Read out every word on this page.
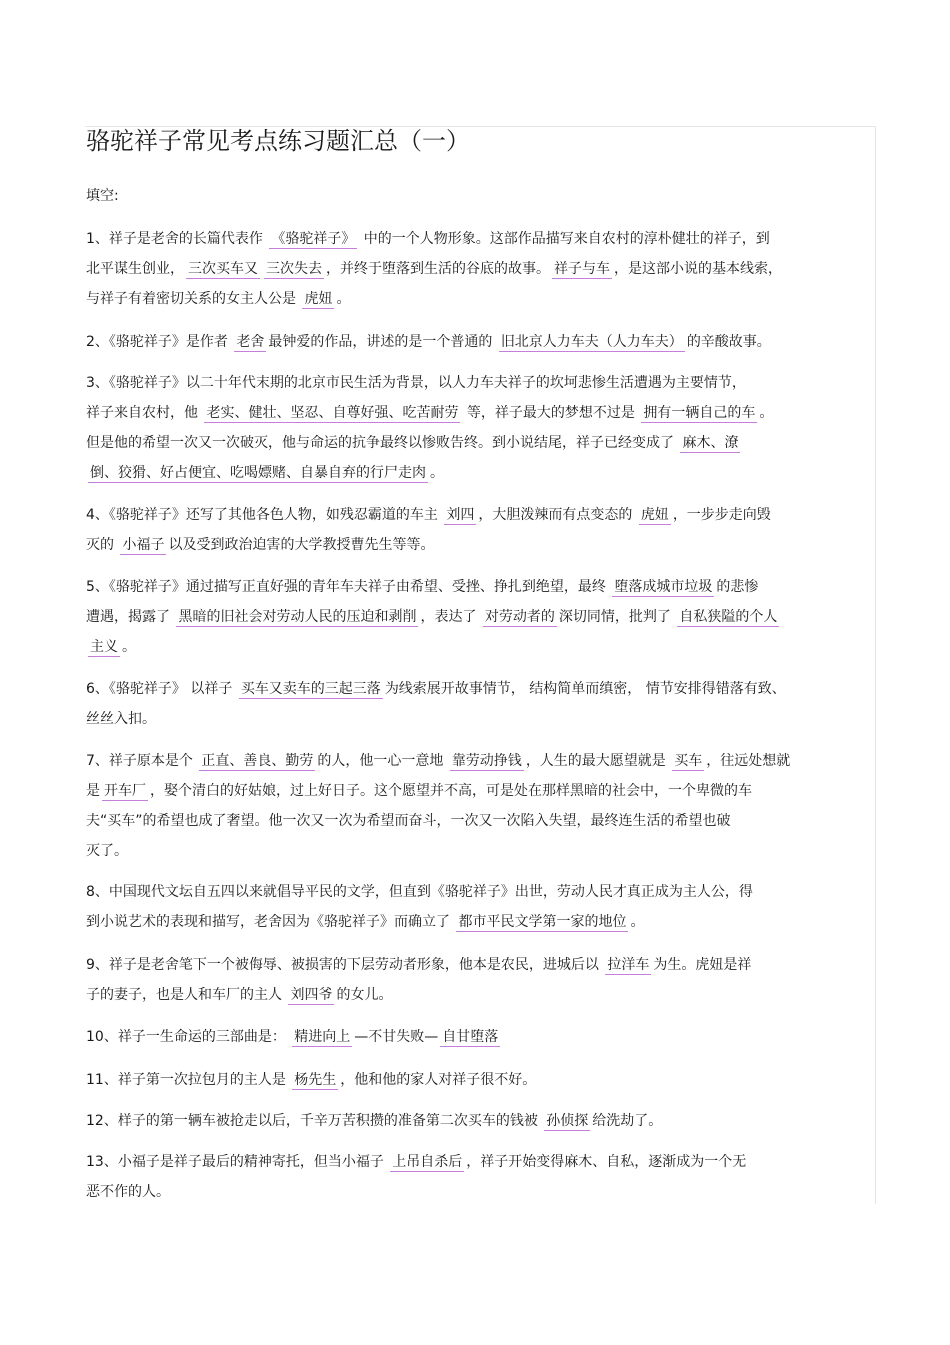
骆驼祥子常见考点练习题汇总（一）
填空:
1、祥子是老舍的长篇代表作 《骆驼祥子》 中的一个人物形象。这部作品描写来自农村的淳朴健壮的祥子，到
北平谋生创业， 三次买车又 三次失去 ，并终于堕落到生活的谷底的故事。 祥子与车 ，是这部小说的基本线索，
与祥子有着密切关系的女主人公是 虎妞 。
2、《骆驼祥子》是作者 老舍 最钟爱的作品，讲述的是一个普通的 旧北京人力车夫（人力车夫） 的辛酸故事。
3、《骆驼祥子》以二十年代末期的北京市民生活为背景，以人力车夫祥子的坎坷悲惨生活遭遇为主要情节，
祥子来自农村，他 老实、健壮、坚忍、自尊好强、吃苦耐劳 等，祥子最大的梦想不过是 拥有一辆自己的车 。
但是他的希望一次又一次破灭，他与命运的抗争最终以惨败告终。到小说结尾，祥子已经变成了 麻木、潦
倒、狡猾、好占便宜、吃喝嫖赌、自暴自弃的行尸走肉 。
4、《骆驼祥子》还写了其他各色人物，如残忍霸道的车主 刘四 ，大胆泼辣而有点变态的 虎妞 ，一步步走向毁
灭的 小福子 以及受到政治迫害的大学教授曹先生等等。
5、《骆驼祥子》通过描写正直好强的青年车夫祥子由希望、受挫、挣扎到绝望，最终 堕落成城市垃圾 的悲惨
遭遇，揭露了 黑暗的旧社会对劳动人民的压迫和剥削 ，表达了 对劳动者的 深切同情，批判了 自私狭隘的个人
主义 。
6、《骆驼祥子》 以祥子 买车又卖车的三起三落 为线索展开故事情节， 结构简单而缜密， 情节安排得错落有致、
丝丝入扣。
7、祥子原本是个 正直、善良、勤劳 的人，他一心一意地 靠劳动挣钱 ，人生的最大愿望就是 买车 ，往远处想就
是 开车厂 ，娶个清白的好姑娘，过上好日子。这个愿望并不高，可是处在那样黑暗的社会中，一个卑微的车
夫“买车”的希望也成了奢望。他一次又一次为希望而奋斗，一次又一次陷入失望，最终连生活的希望也破
灭了。
8、中国现代文坛自五四以来就倡导平民的文学，但直到《骆驼祥子》出世，劳动人民才真正成为主人公，得
到小说艺术的表现和描写，老舍因为《骆驼祥子》而确立了 都市平民文学第一家的地位 。
9、祥子是老舍笔下一个被侮辱、被损害的下层劳动者形象，他本是农民，进城后以 拉洋车 为生。虎妞是祥
子的妻子，也是人和车厂的主人 刘四爷 的女儿。
10、祥子一生命运的三部曲是： 精进向上 —不甘失败— 自甘堕落
11、祥子第一次拉包月的主人是 杨先生 ，他和他的家人对祥子很不好。
12、样子的第一辆车被抢走以后，千辛万苦积攒的准备第二次买车的钱被 孙侦探 给洗劫了。
13、小福子是祥子最后的精神寄托，但当小福子 上吊自杀后 ，祥子开始变得麻木、自私，逐渐成为一个无
恶不作的人。
